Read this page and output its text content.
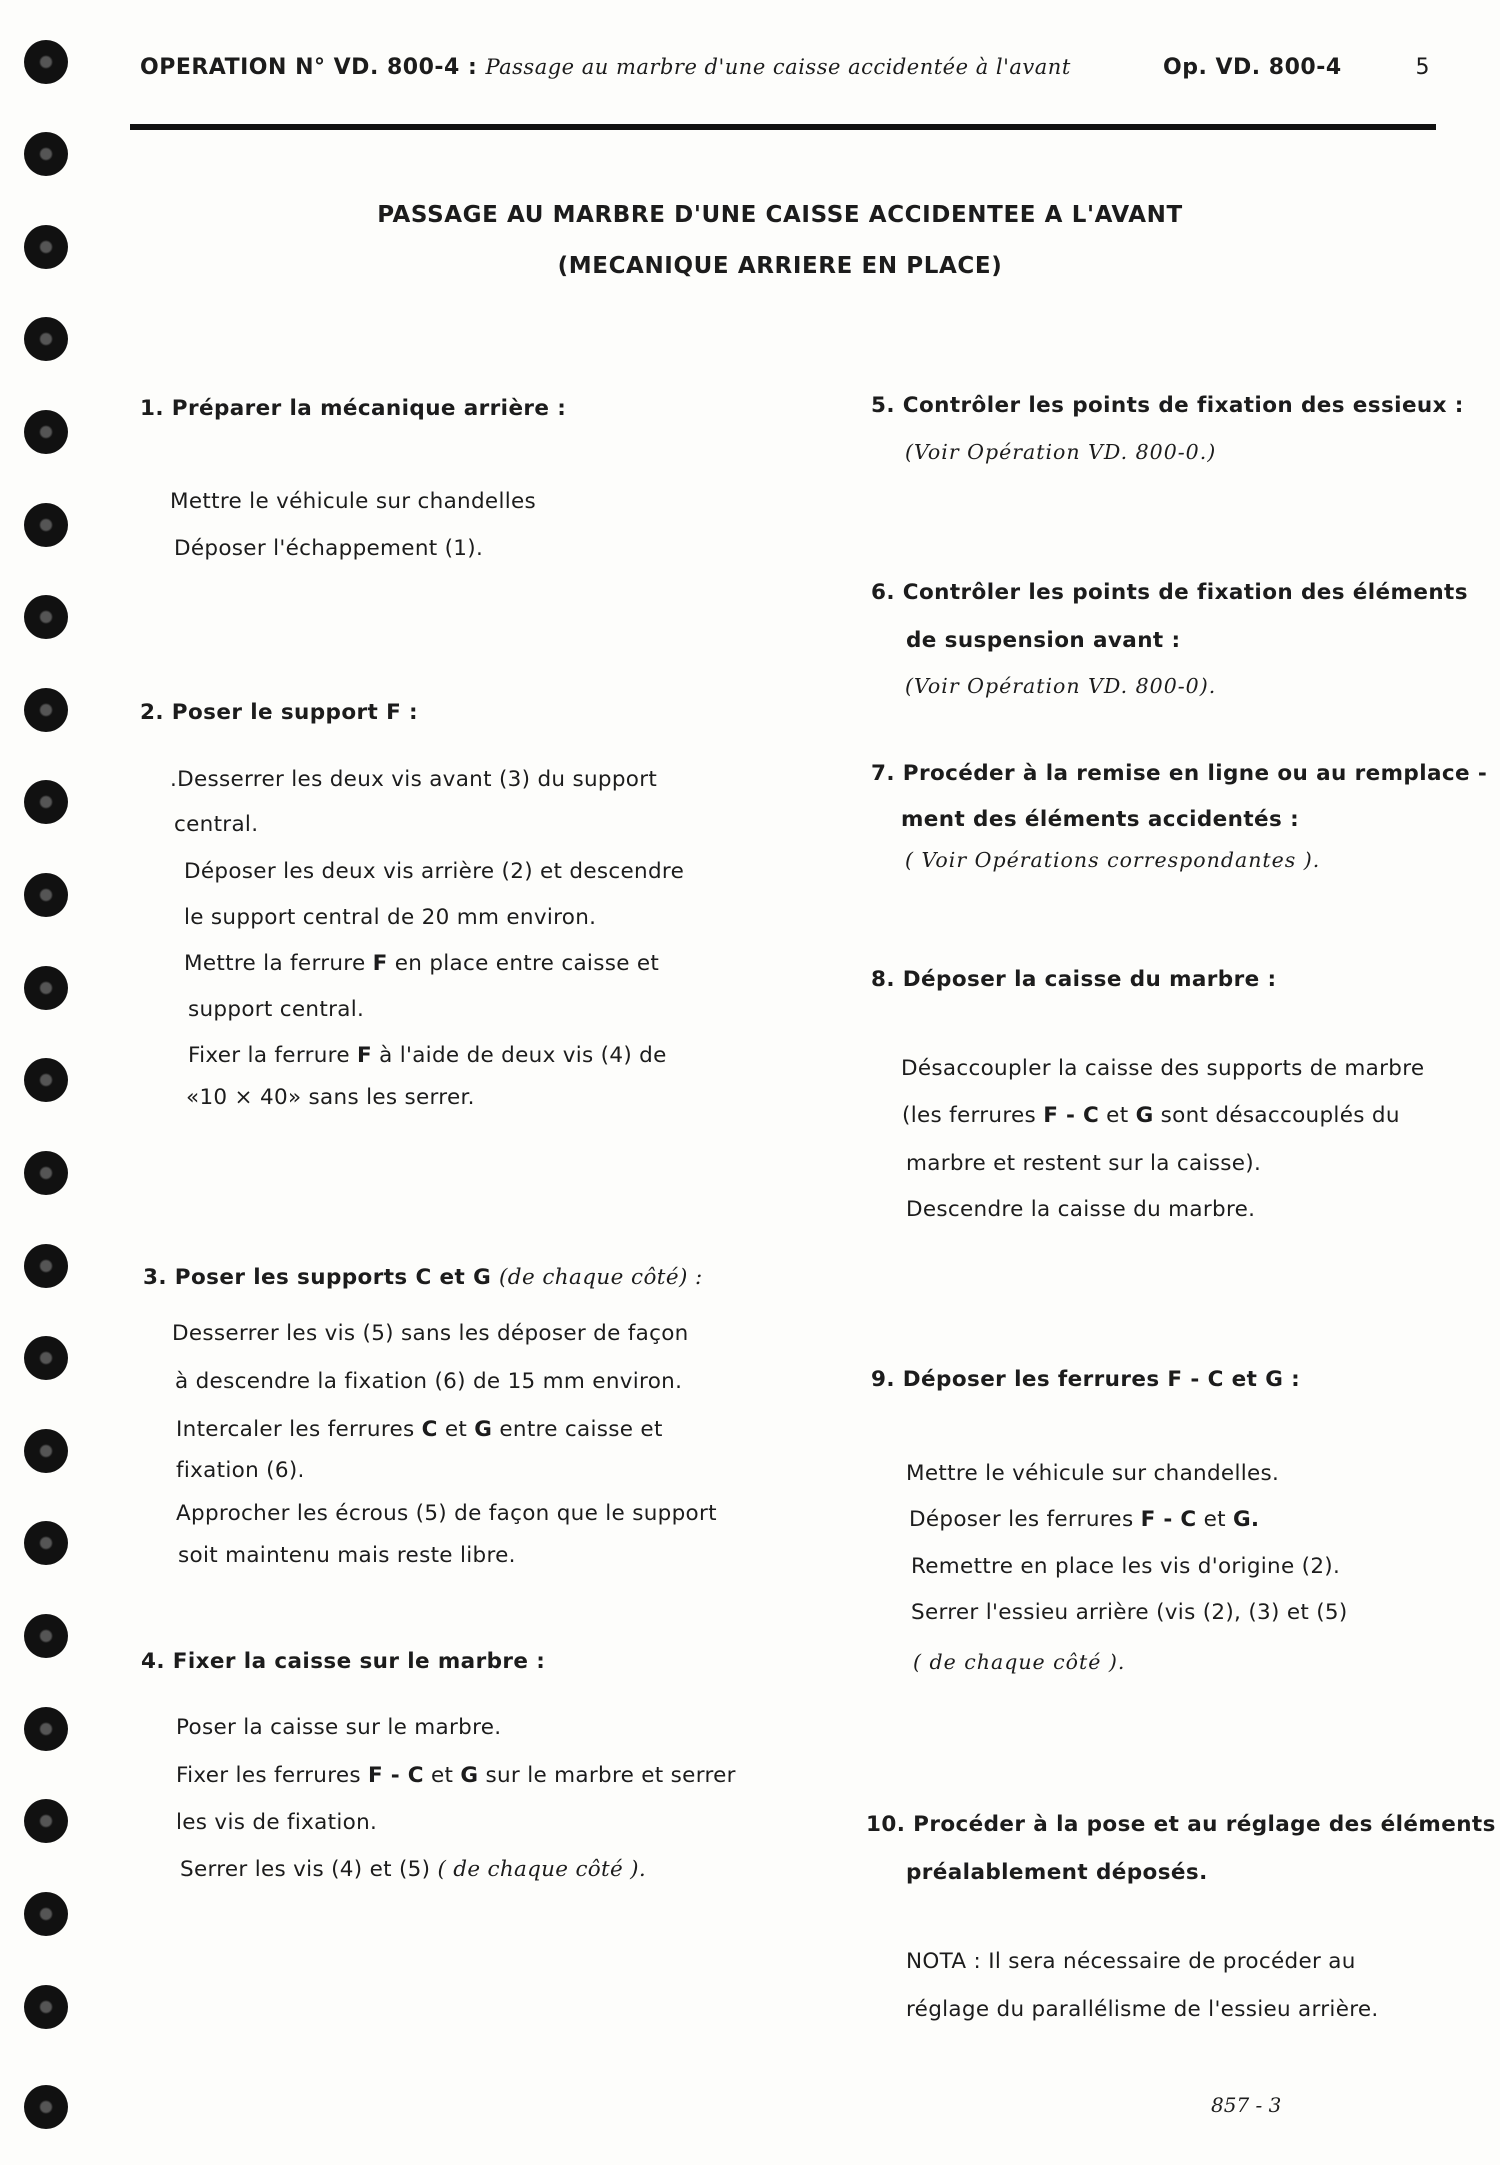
OPERATION N° VD. 800-4 : Passage au marbre d'une caisse accidentée à l'avant	Op. VD. 800-4	5
PASSAGE AU MARBRE D'UNE CAISSE ACCIDENTEE A L'AVANT
(MECANIQUE ARRIERE EN PLACE)
1. Préparer la mécanique arrière :
Mettre le véhicule sur chandelles
Déposer l'échappement (1).
2. Poser le support F :
.Desserrer les deux vis avant (3) du support
central.
Déposer les deux vis arrière (2) et descendre
le support central de 20 mm environ.
Mettre la ferrure F en place entre caisse et
support central.
Fixer la ferrure F à l'aide de deux vis (4) de
«10 × 40» sans les serrer.
3. Poser les supports C et G (de chaque côté) :
Desserrer les vis (5) sans les déposer de façon
à descendre la fixation (6) de 15 mm environ.
Intercaler les ferrures C et G entre caisse et
fixation (6).
Approcher les écrous (5) de façon que le support
soit maintenu mais reste libre.
4. Fixer la caisse sur le marbre :
Poser la caisse sur le marbre.
Fixer les ferrures F - C et G sur le marbre et serrer
les vis de fixation.
Serrer les vis (4) et (5) ( de chaque côté ).
5. Contrôler les points de fixation des essieux :
(Voir Opération VD. 800-0.)
6. Contrôler les points de fixation des éléments
de suspension avant :
(Voir Opération VD. 800-0).
7. Procéder à la remise en ligne ou au remplace -
ment des éléments accidentés :
( Voir Opérations correspondantes ).
8. Déposer la caisse du marbre :
Désaccoupler la caisse des supports de marbre
(les ferrures F - C et G sont désaccouplés du
marbre et restent sur la caisse).
Descendre la caisse du marbre.
9. Déposer les ferrures F - C et G :
Mettre le véhicule sur chandelles.
Déposer les ferrures F - C et G.
Remettre en place les vis d'origine (2).
Serrer l'essieu arrière (vis (2), (3) et (5)
( de chaque côté ).
10. Procéder à la pose et au réglage des éléments
préalablement déposés.
NOTA : Il sera nécessaire de procéder au
réglage du parallélisme de l'essieu arrière.
857 - 3
